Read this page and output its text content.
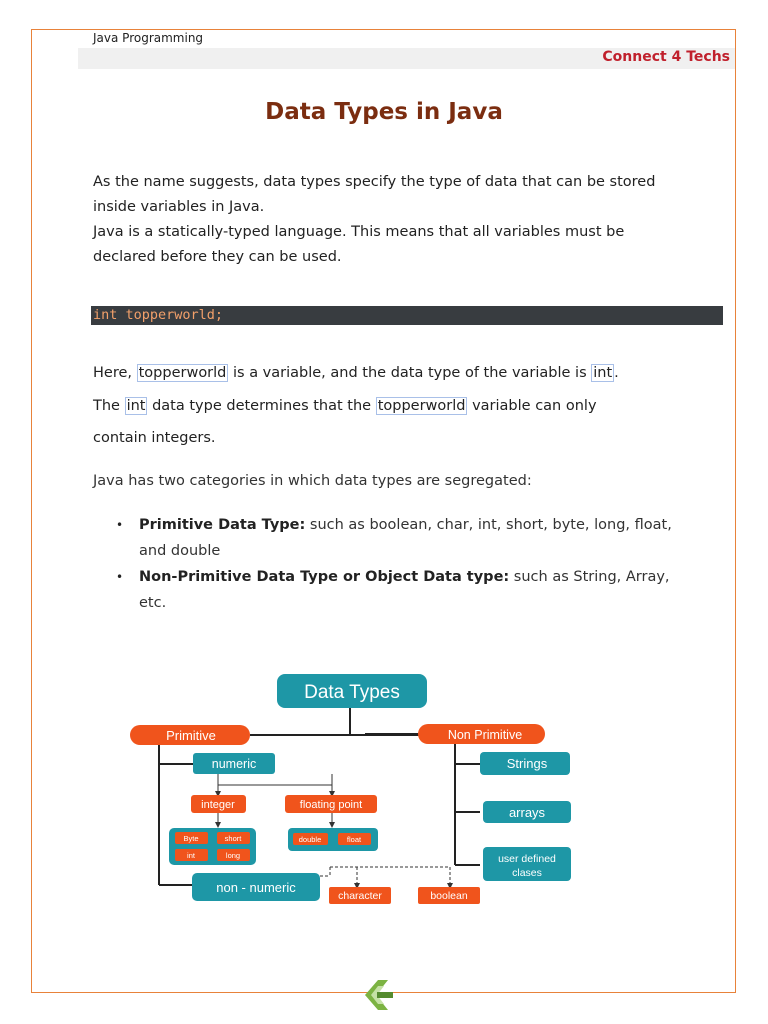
Java Programming
Connect 4 Techs
Data Types in Java
As the name suggests, data types specify the type of data that can be stored
inside variables in Java.
Java is a statically-typed language. This means that all variables must be
declared before they can be used.
int topperworld;
Here, topperworld is a variable, and the data type of the variable is int .
The int data type determines that the topperworld variable can only
contain integers.
Java has two categories in which data types are segregated:
• Primitive Data Type: such as boolean, char, int, short, byte, long, float,
and double
• Non-Primitive Data Type or Object Data type: such as String, Array,
etc.
Data Types
Primitive	Non Primitive
numeric
integer	floating point
Byte	short
int	long
double	float
non - numeric
character	boolean
Strings
arrays
user defined
clases
